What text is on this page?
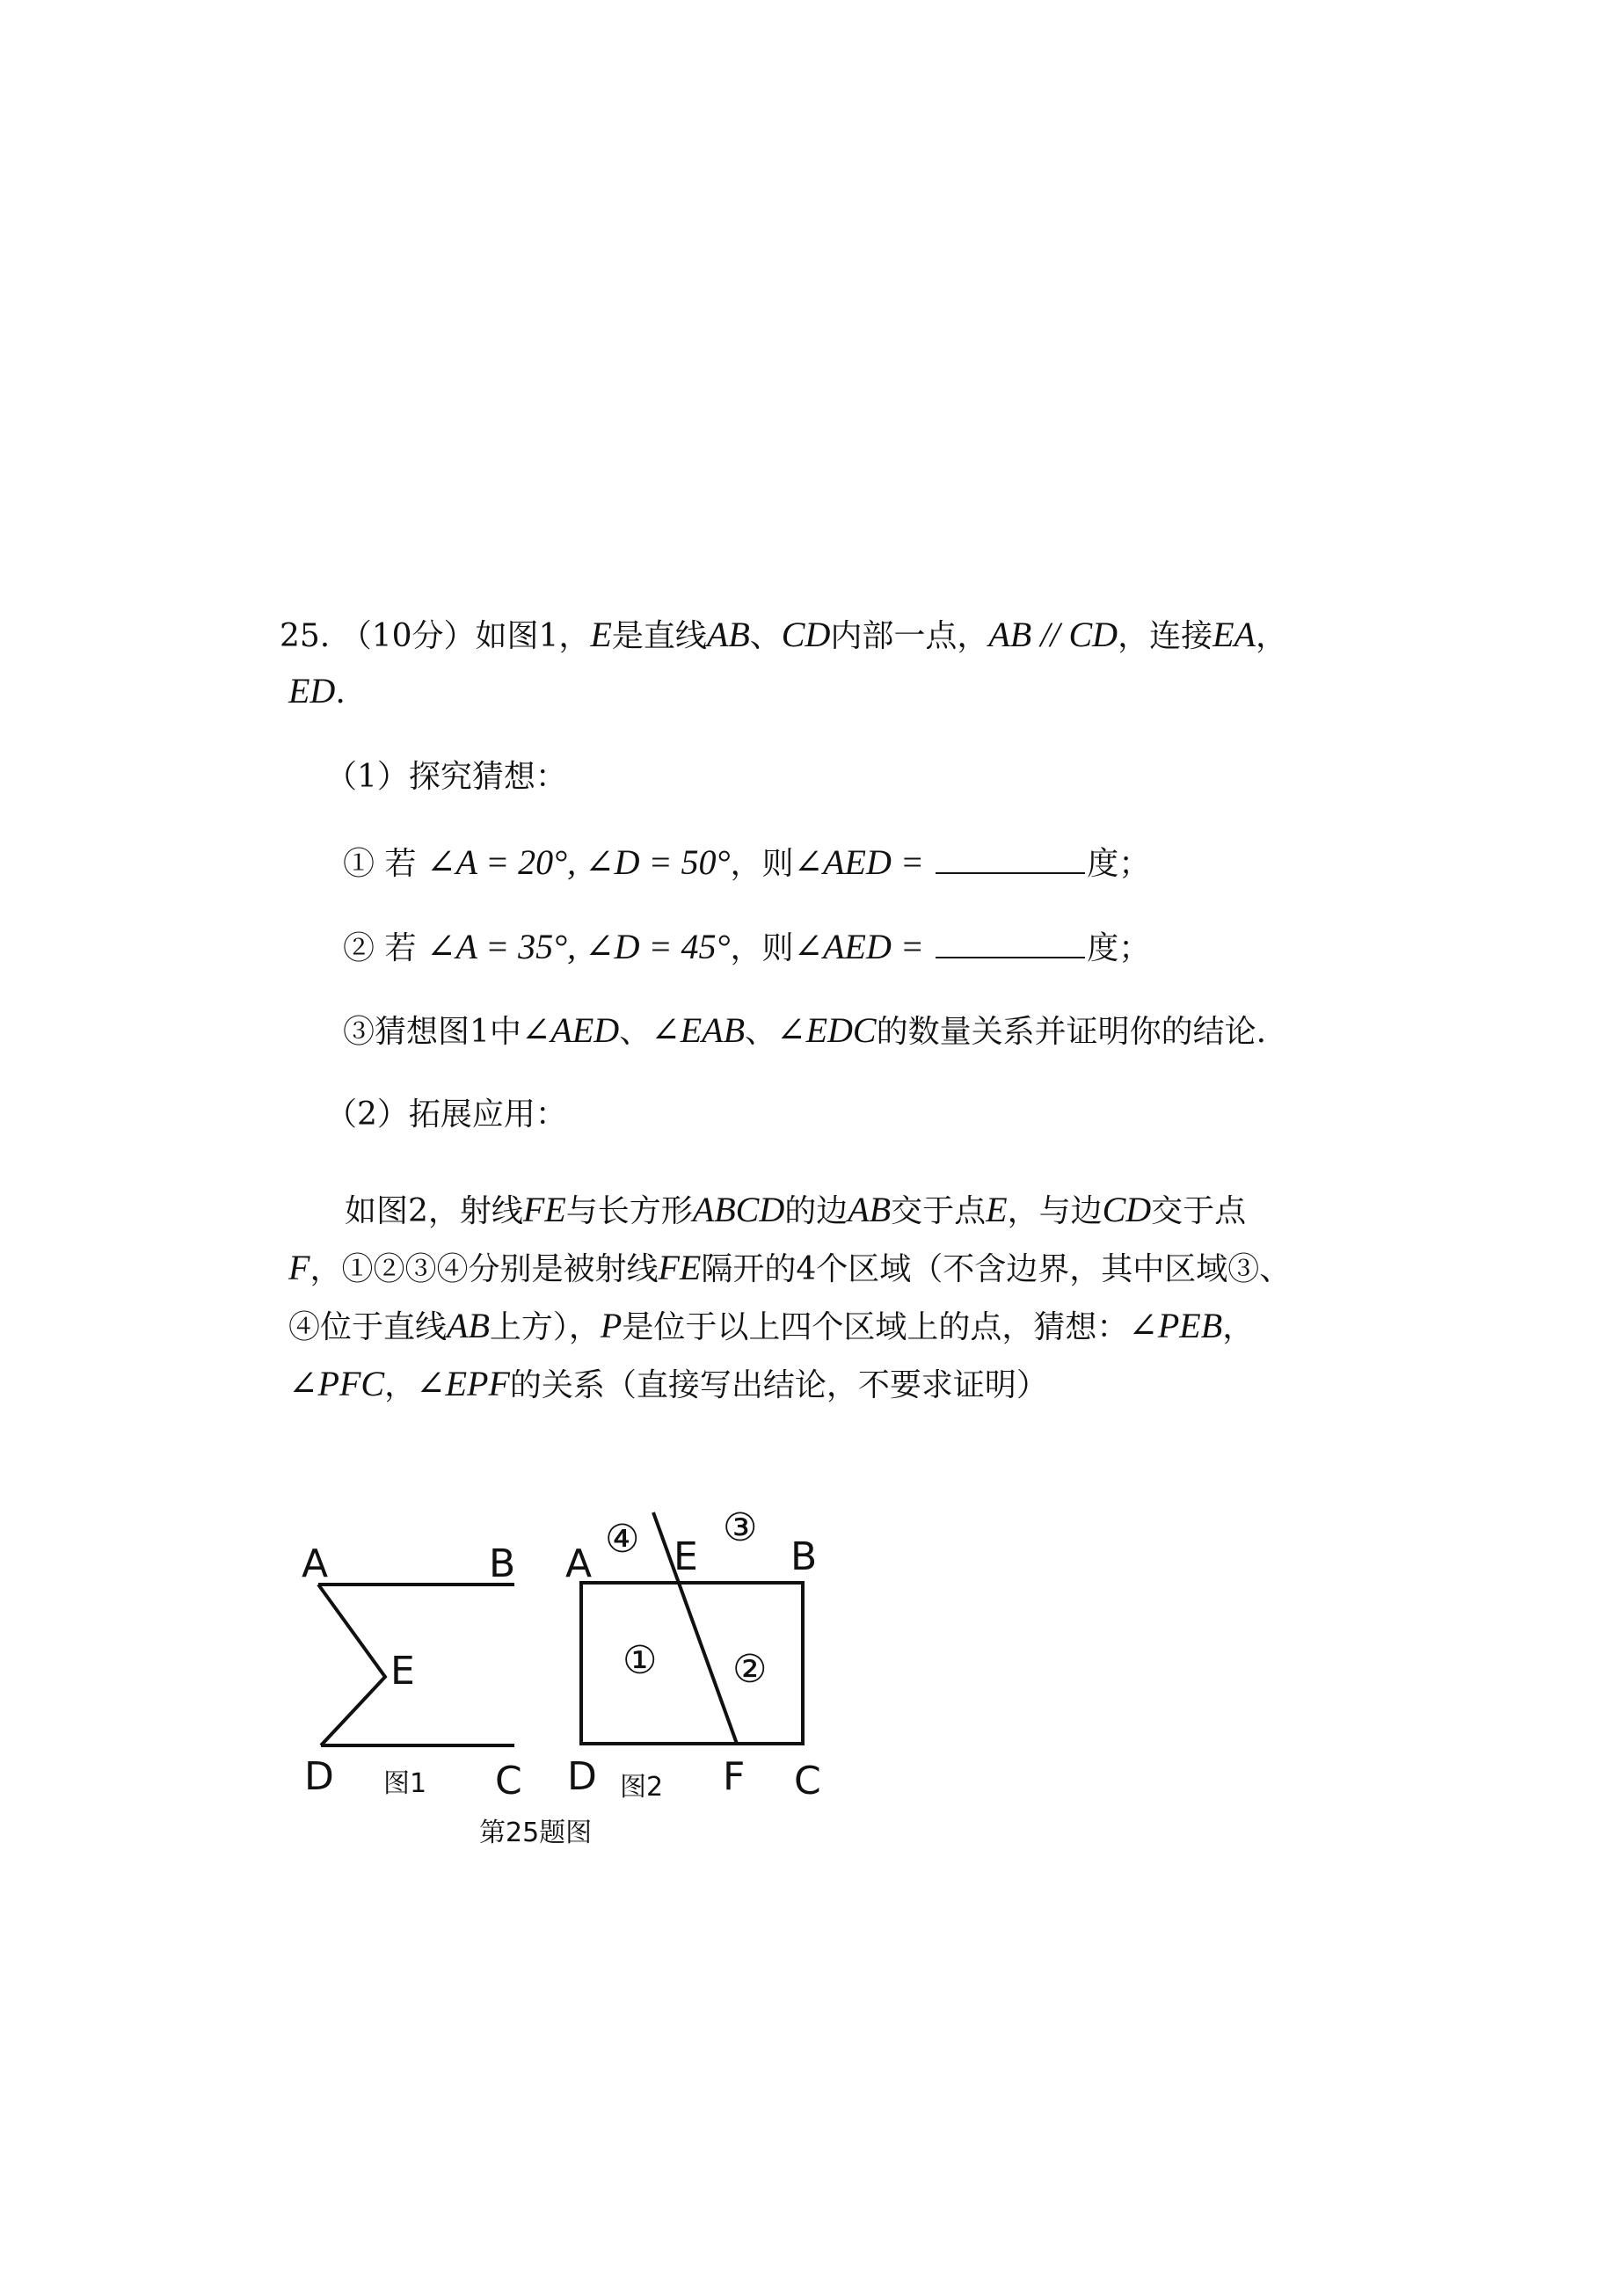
25. （10分）如图1，E是直线AB、CD内部一点，AB // CD，连接EA，

ED.

（1）探究猜想：

① 若 ∠A = 20°, ∠D = 50°，则∠AED =	度；

② 若 ∠A = 35°, ∠D = 45°，则∠AED =	度；

③猜想图1中∠AED、∠EAB、∠EDC的数量关系并证明你的结论.

（2）拓展应用：

如图2，射线FE与长方形ABCD的边AB交于点E，与边CD交于点

F，①②③④分别是被射线FE隔开的4个区域（不含边界，其中区域③、

④位于直线AB上方），P是位于以上四个区域上的点，猜想：∠PEB，

∠PFC，∠EPF的关系（直接写出结论，不要求证明）

A	B
E
D	C
A E B
D	F C
④ ③
① ②
图1	图2
第25题图
